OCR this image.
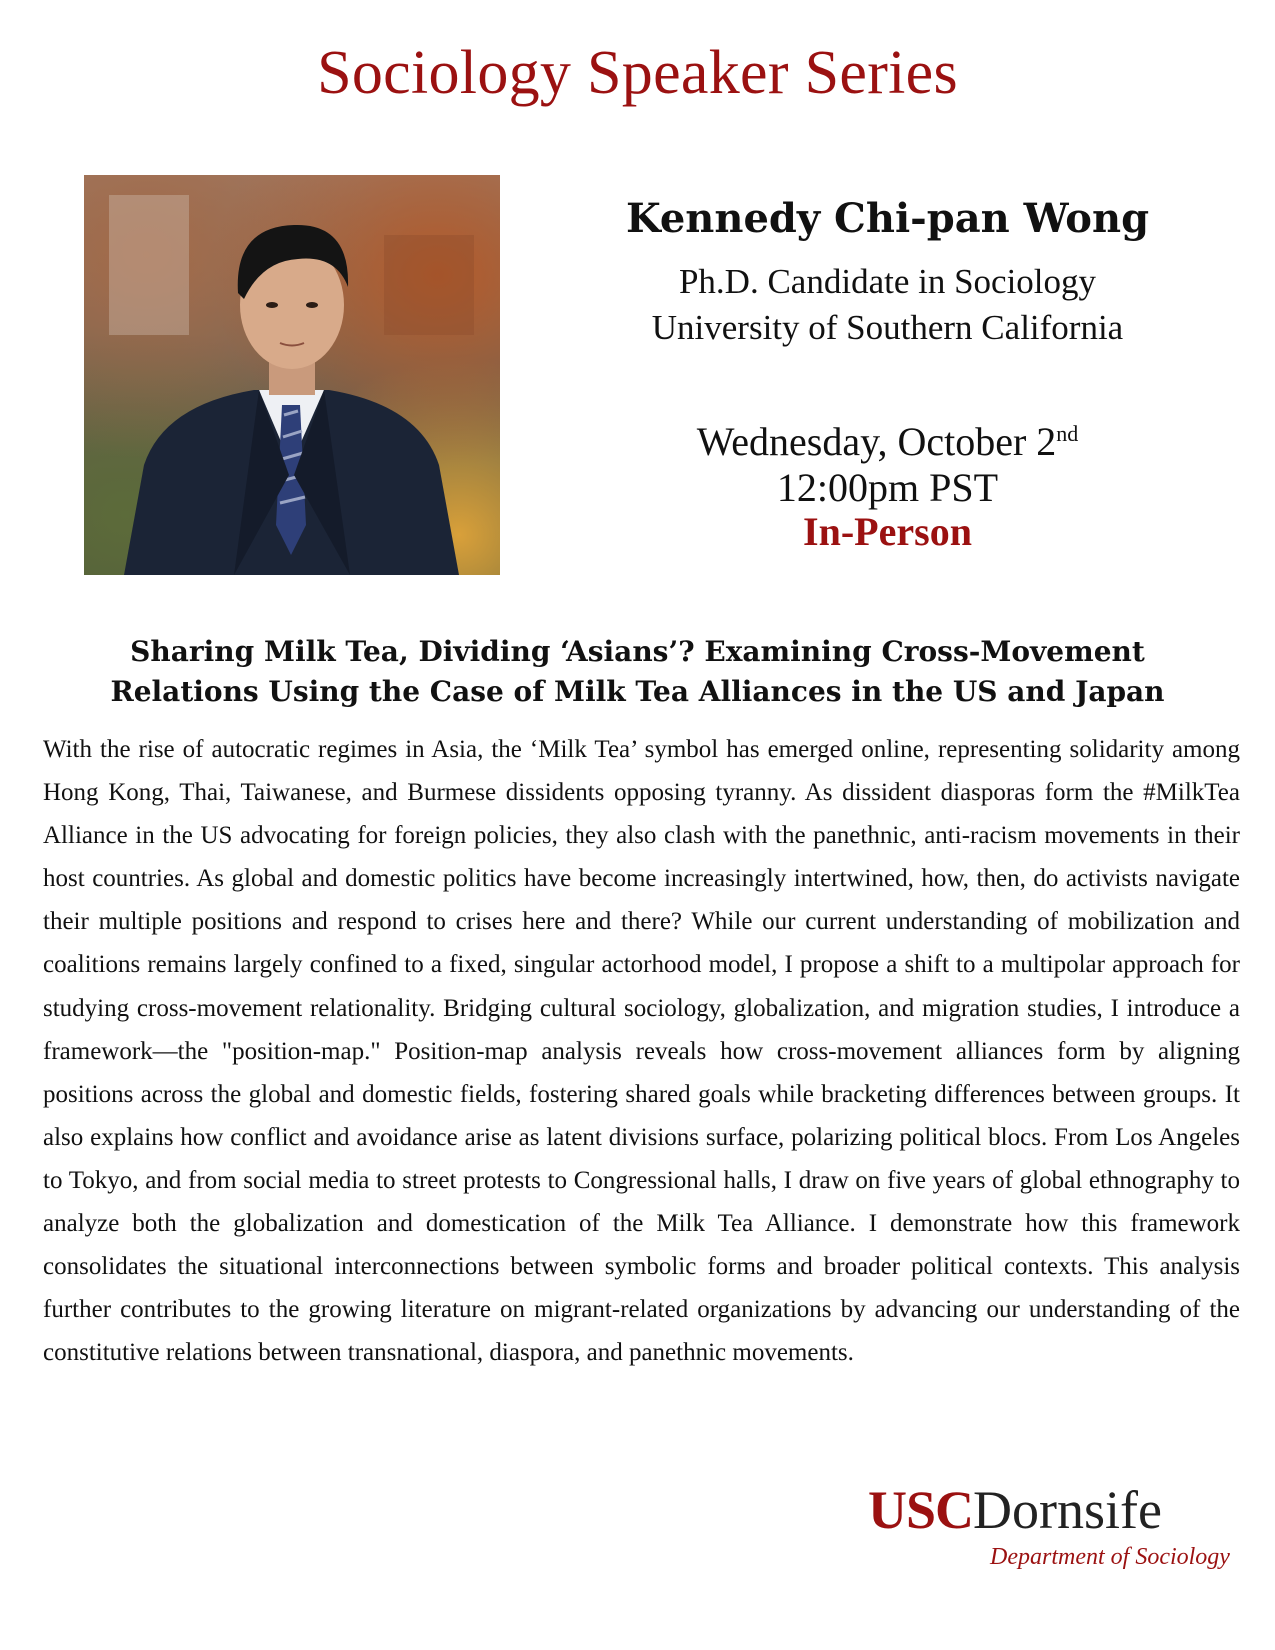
Sociology Speaker Series
Kennedy Chi-pan Wong
Ph.D. Candidate in Sociology
University of Southern California
Wednesday, October 2nd
12:00pm PST
In-Person
Sharing Milk Tea, Dividing ‘Asians’? Examining Cross-Movement
Relations Using the Case of Milk Tea Alliances in the US and Japan
With the rise of autocratic regimes in Asia, the ‘Milk Tea’ symbol has emerged online, representing solidarity among Hong Kong, Thai, Taiwanese, and Burmese dissidents opposing tyranny. As dissident diasporas form the #MilkTea Alliance in the US advocating for foreign policies, they also clash with the panethnic, anti-racism movements in their host countries. As global and domestic politics have become increasingly intertwined, how, then, do activists navigate their multiple positions and respond to crises here and there? While our current understanding of mobilization and coalitions remains largely confined to a fixed, singular actorhood model, I propose a shift to a multipolar approach for studying cross-movement relationality. Bridging cultural sociology, globalization, and migration studies, I introduce a framework—the "position-map." Position-map analysis reveals how cross-movement alliances form by aligning positions across the global and domestic fields, fostering shared goals while bracketing differences between groups. It also explains how conflict and avoidance arise as latent divisions surface, polarizing political blocs. From Los Angeles to Tokyo, and from social media to street protests to Congressional halls, I draw on five years of global ethnography to analyze both the globalization and domestication of the Milk Tea Alliance. I demonstrate how this framework consolidates the situational interconnections between symbolic forms and broader political contexts. This analysis further contributes to the growing literature on migrant-related organizations by advancing our understanding of the constitutive relations between transnational, diaspora, and panethnic movements.
USCDornsife
Department of Sociology
